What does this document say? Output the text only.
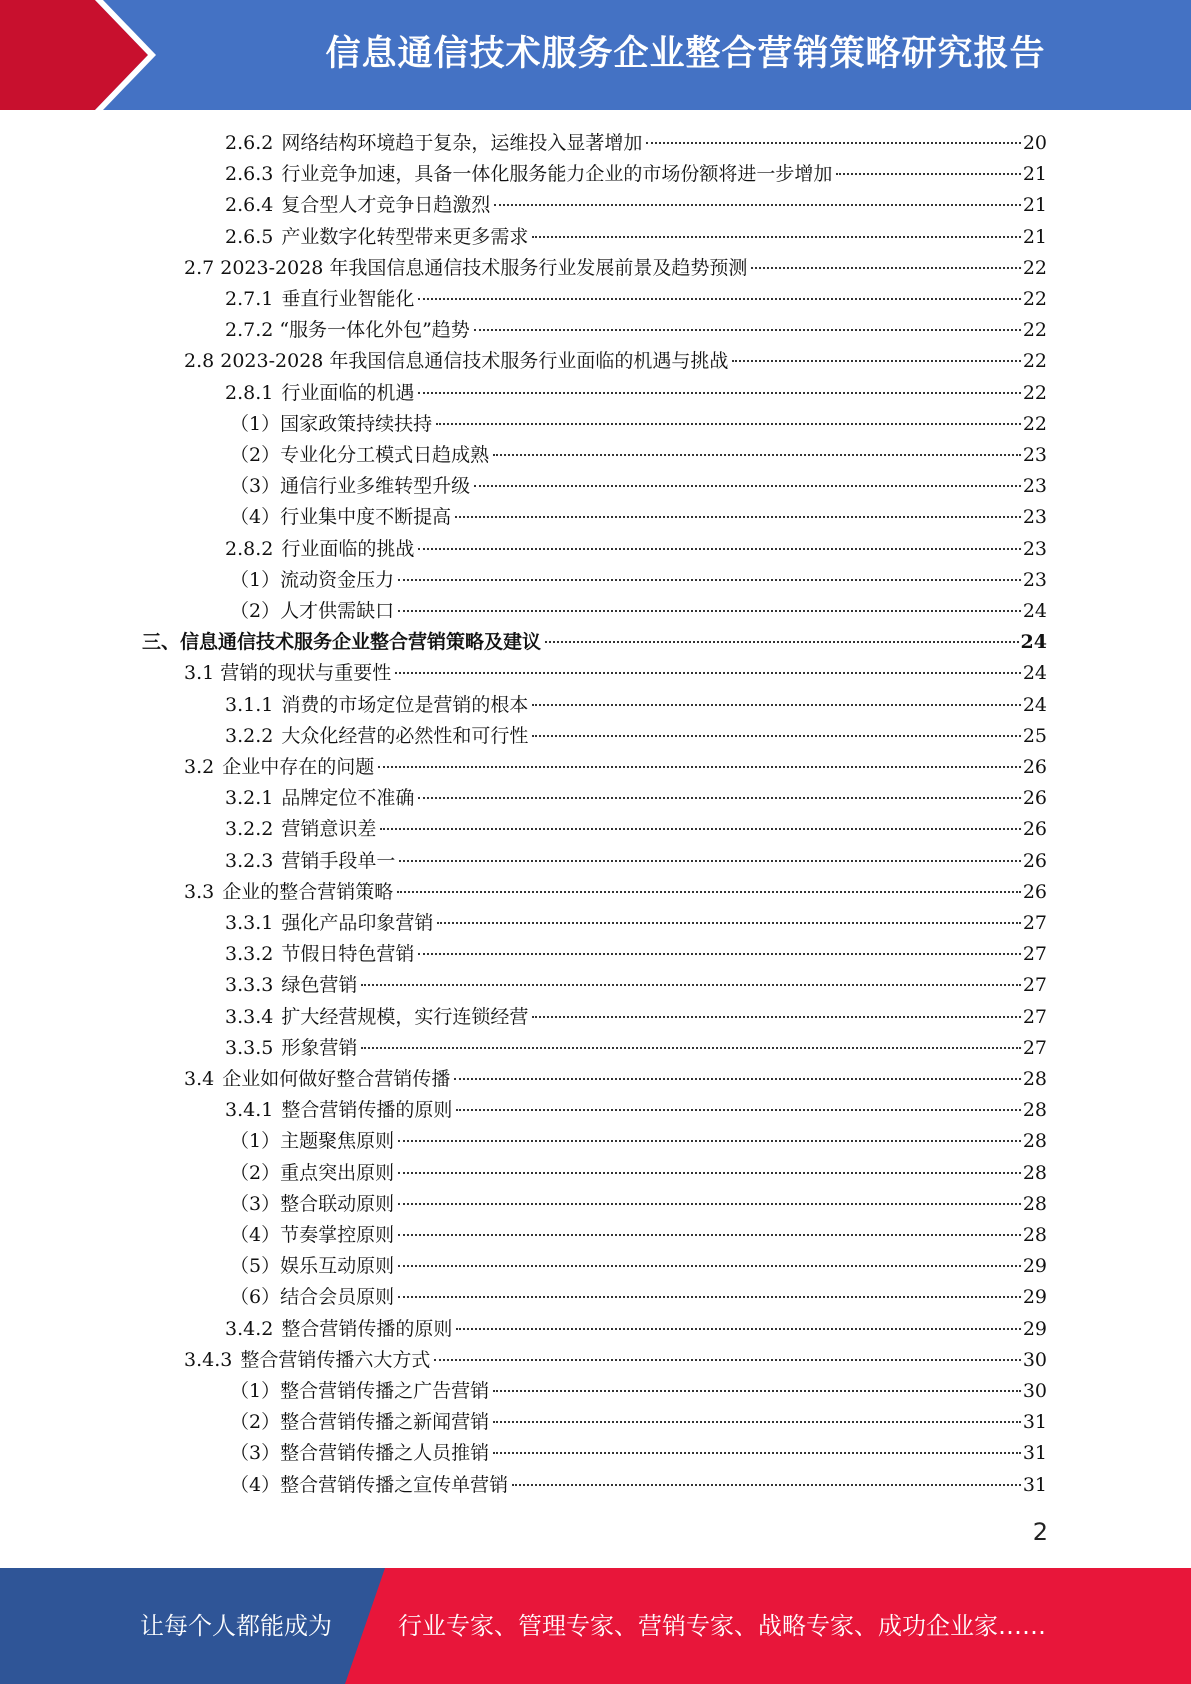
信息通信技术服务企业整合营销策略研究报告
2.6.2 网络结构环境趋于复杂，运维投入显著增加	20
2.6.3 行业竞争加速，具备一体化服务能力企业的市场份额将进一步增加	21
2.6.4 复合型人才竞争日趋激烈	21
2.6.5 产业数字化转型带来更多需求	21
2.7 2023-2028 年我国信息通信技术服务行业发展前景及趋势预测	22
2.7.1 垂直行业智能化	22
2.7.2 “服务一体化外包”趋势	22
2.8 2023-2028 年我国信息通信技术服务行业面临的机遇与挑战	22
2.8.1 行业面临的机遇	22
（1）国家政策持续扶持	22
（2）专业化分工模式日趋成熟	23
（3）通信行业多维转型升级	23
（4）行业集中度不断提高	23
2.8.2 行业面临的挑战	23
（1）流动资金压力	23
（2）人才供需缺口	24
三、信息通信技术服务企业整合营销策略及建议	24
3.1 营销的现状与重要性	24
3.1.1 消费的市场定位是营销的根本	24
3.2.2 大众化经营的必然性和可行性	25
3.2 企业中存在的问题	26
3.2.1 品牌定位不准确	26
3.2.2 营销意识差	26
3.2.3 营销手段单一	26
3.3 企业的整合营销策略	26
3.3.1 强化产品印象营销	27
3.3.2 节假日特色营销	27
3.3.3 绿色营销	27
3.3.4 扩大经营规模，实行连锁经营	27
3.3.5 形象营销	27
3.4 企业如何做好整合营销传播	28
3.4.1 整合营销传播的原则	28
（1）主题聚焦原则	28
（2）重点突出原则	28
（3）整合联动原则	28
（4）节奏掌控原则	28
（5）娱乐互动原则	29
（6）结合会员原则	29
3.4.2 整合营销传播的原则	29
3.4.3 整合营销传播六大方式	30
（1）整合营销传播之广告营销	30
（2）整合营销传播之新闻营销	31
（3）整合营销传播之人员推销	31
（4）整合营销传播之宣传单营销	31
2
让每个人都能成为	行业专家、管理专家、营销专家、战略专家、成功企业家……
